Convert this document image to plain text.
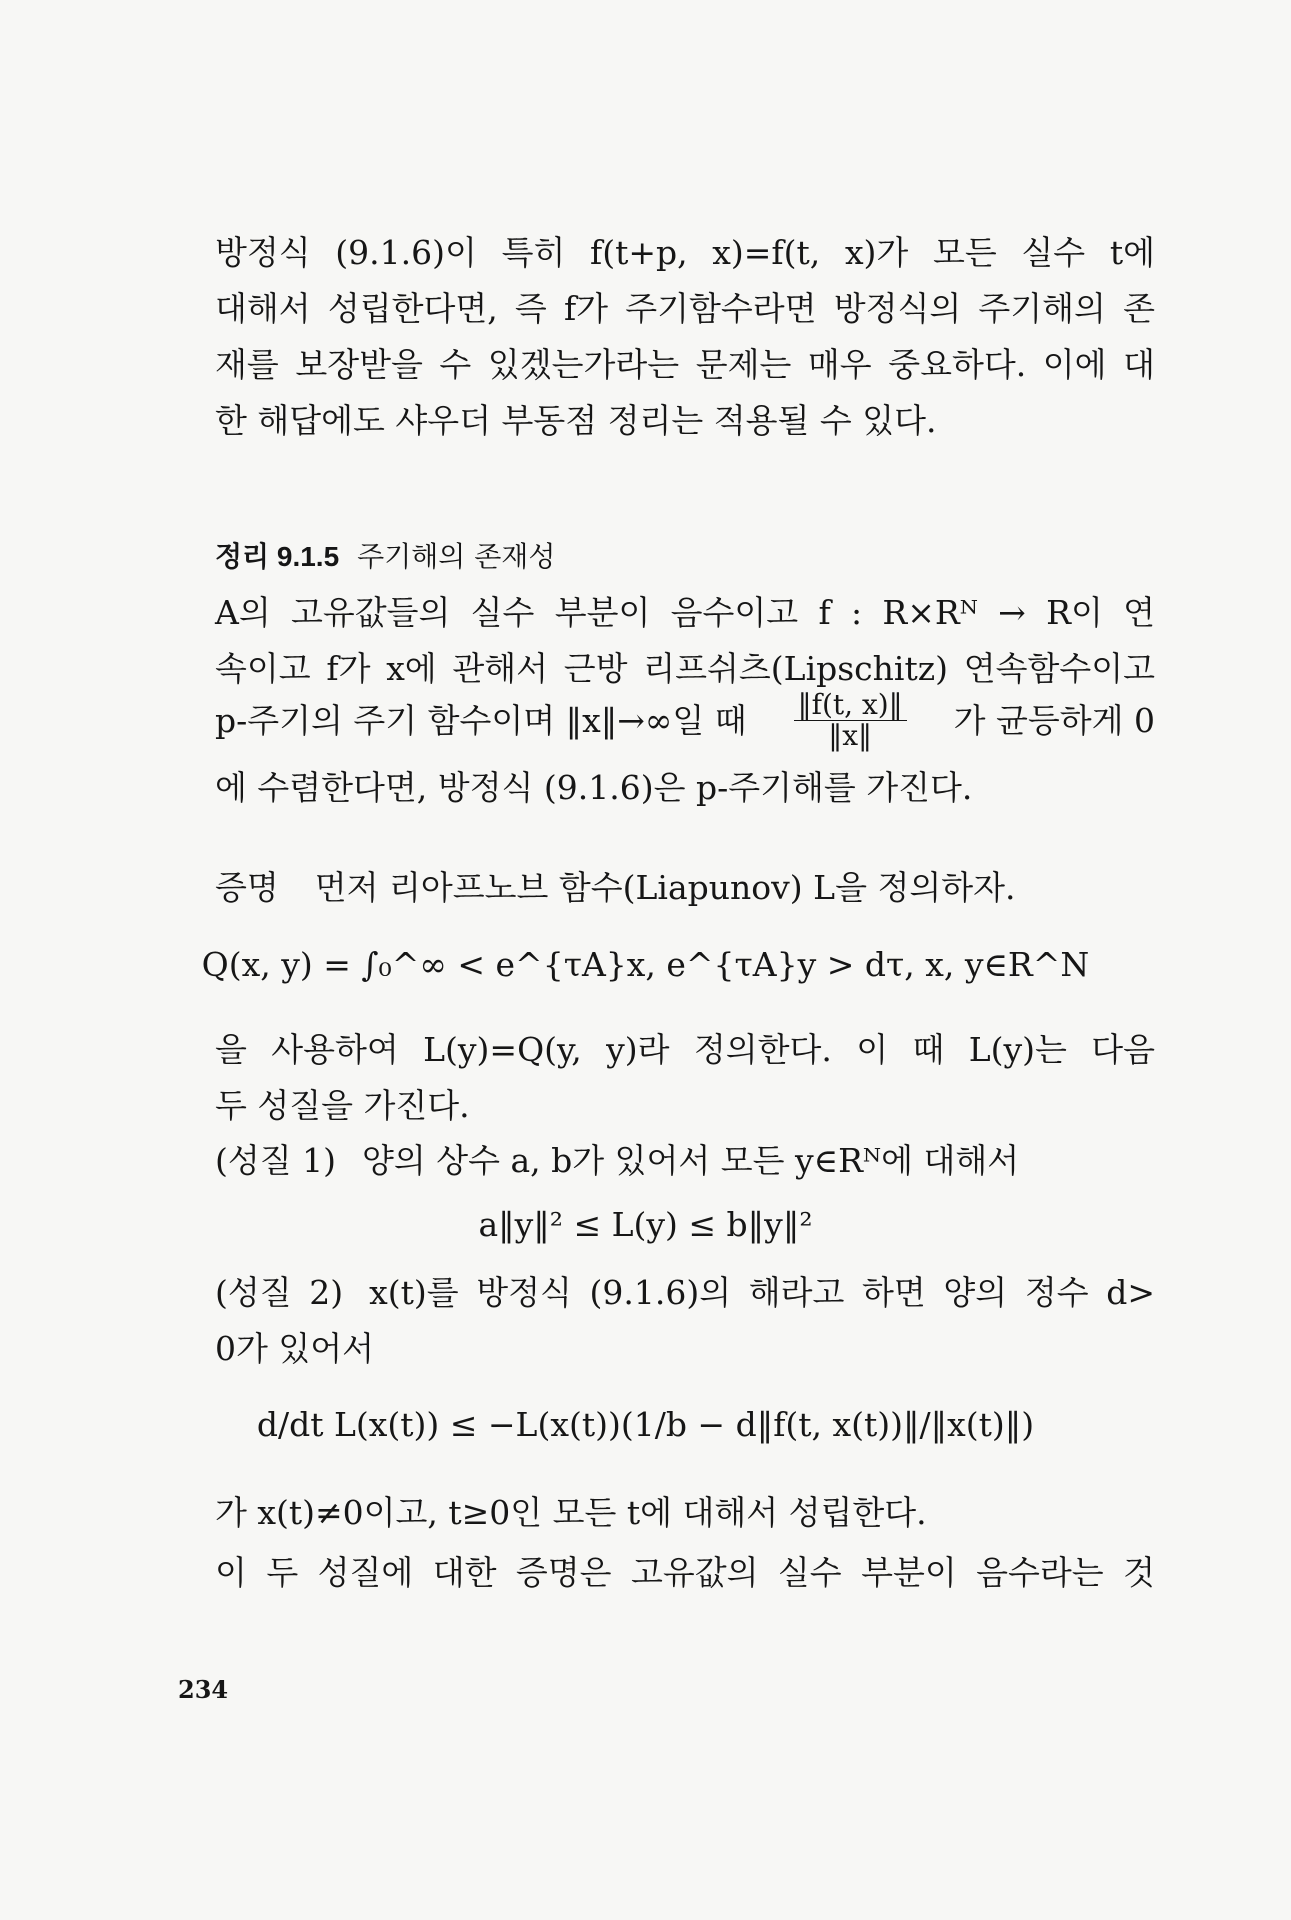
방정식 (9.1.6)이 특히 f(t+p, x)=f(t, x)가 모든 실수 t에
대해서 성립한다면, 즉 f가 주기함수라면 방정식의 주기해의 존
재를 보장받을 수 있겠는가라는 문제는 매우 중요하다. 이에 대
한 해답에도 샤우더 부동점 정리는 적용될 수 있다.
정리 9.1.5 주기해의 존재성
A의 고유값들의 실수 부분이 음수이고 f : R×Rᴺ → R이 연
속이고 f가 x에 관해서 근방 리프쉬츠(Lipschitz) 연속함수이고
p-주기의 주기 함수이며 ‖x‖→∞일 때 $\frac{‖f(t, x)‖}{‖x‖}$ 가 균등하게 0
에 수렴한다면, 방정식 (9.1.6)은 p-주기해를 가진다.
증명 먼저 리아프노브 함수(Liapunov) L을 정의하자.
Q(x, y) = ∫₀^∞ < e^{τA}x, e^{τA}y > dτ, x, y∈R^N
을 사용하여 L(y)=Q(y, y)라 정의한다. 이 때 L(y)는 다음
두 성질을 가진다.
(성질 1) 양의 상수 a, b가 있어서 모든 y∈Rᴺ에 대해서
a‖y‖² ≤ L(y) ≤ b‖y‖²
(성질 2) x(t)를 방정식 (9.1.6)의 해라고 하면 양의 정수 d>
0가 있어서
d/dt L(x(t)) ≤ −L(x(t))(1/b − d‖f(t, x(t))‖/‖x(t)‖)
가 x(t)≠0이고, t≥0인 모든 t에 대해서 성립한다.
이 두 성질에 대한 증명은 고유값의 실수 부분이 음수라는 것
234
